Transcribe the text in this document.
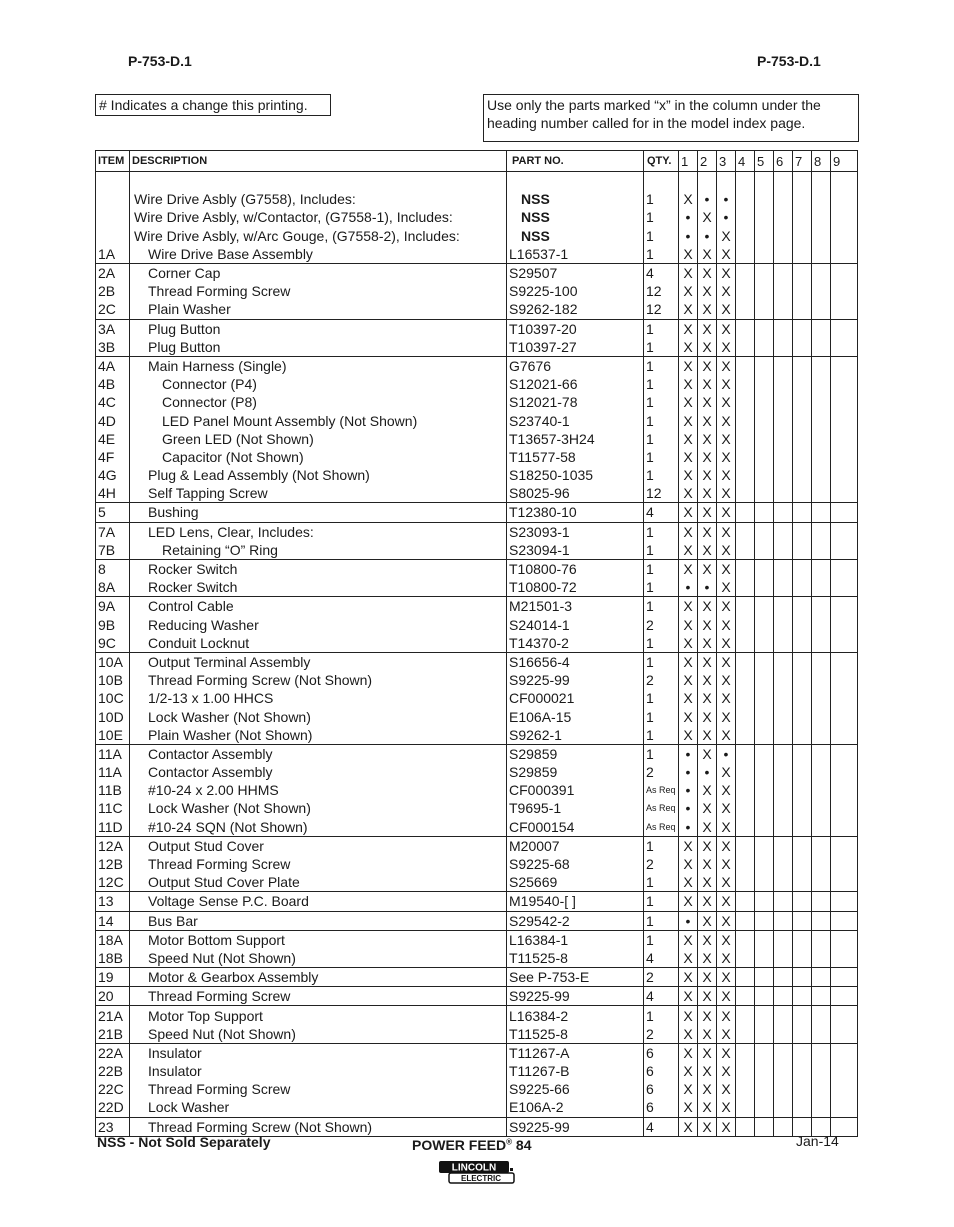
P-753-D.1	P-753-D.1
# Indicates a change this printing.	Use only the parts marked “x” in the column under the heading number called for in the model index page.
ITEM	DESCRIPTION	PART NO.	QTY.	1	2	3	4	5	6	7	8	9

	Wire Drive Asbly (G7558), Includes:	NSS	1	X	•	•						
	Wire Drive Asbly, w/Contactor, (G7558-1), Includes:	NSS	1	•	X	•						
	Wire Drive Asbly, w/Arc Gouge, (G7558-2), Includes:	NSS	1	•	•	X						
1A	Wire Drive Base Assembly	L16537-1	1	X	X	X						
2A	Corner Cap	S29507	4	X	X	X						
2B	Thread Forming Screw	S9225-100	12	X	X	X						
2C	Plain Washer	S9262-182	12	X	X	X						
3A	Plug Button	T10397-20	1	X	X	X						
3B	Plug Button	T10397-27	1	X	X	X						
4A	Main Harness (Single)	G7676	1	X	X	X						
4B	Connector (P4)	S12021-66	1	X	X	X						
4C	Connector (P8)	S12021-78	1	X	X	X						
4D	LED Panel Mount Assembly (Not Shown)	S23740-1	1	X	X	X						
4E	Green LED (Not Shown)	T13657-3H24	1	X	X	X						
4F	Capacitor (Not Shown)	T11577-58	1	X	X	X						
4G	Plug & Lead Assembly (Not Shown)	S18250-1035	1	X	X	X						
4H	Self Tapping Screw	S8025-96	12	X	X	X						
5	Bushing	T12380-10	4	X	X	X						
7A	LED Lens, Clear, Includes:	S23093-1	1	X	X	X						
7B	Retaining “O” Ring	S23094-1	1	X	X	X						
8	Rocker Switch	T10800-76	1	X	X	X						
8A	Rocker Switch	T10800-72	1	•	•	X						
9A	Control Cable	M21501-3	1	X	X	X						
9B	Reducing Washer	S24014-1	2	X	X	X						
9C	Conduit Locknut	T14370-2	1	X	X	X						
10A	Output Terminal Assembly	S16656-4	1	X	X	X						
10B	Thread Forming Screw (Not Shown)	S9225-99	2	X	X	X						
10C	1/2-13 x 1.00 HHCS	CF000021	1	X	X	X						
10D	Lock Washer (Not Shown)	E106A-15	1	X	X	X						
10E	Plain Washer (Not Shown)	S9262-1	1	X	X	X						
11A	Contactor Assembly	S29859	1	•	X	•						
11A	Contactor Assembly	S29859	2	•	•	X						
11B	#10-24 x 2.00 HHMS	CF000391	As Req	•	X	X						
11C	Lock Washer (Not Shown)	T9695-1	As Req	•	X	X						
11D	#10-24 SQN (Not Shown)	CF000154	As Req	•	X	X						
12A	Output Stud Cover	M20007	1	X	X	X						
12B	Thread Forming Screw	S9225-68	2	X	X	X						
12C	Output Stud Cover Plate	S25669	1	X	X	X						
13	Voltage Sense P.C. Board	M19540-[ ]	1	X	X	X						
14	Bus Bar	S29542-2	1	•	X	X						
18A	Motor Bottom Support	L16384-1	1	X	X	X						
18B	Speed Nut (Not Shown)	T11525-8	4	X	X	X						
19	Motor & Gearbox Assembly	See P-753-E	2	X	X	X						
20	Thread Forming Screw	S9225-99	4	X	X	X						
21A	Motor Top Support	L16384-2	1	X	X	X						
21B	Speed Nut (Not Shown)	T11525-8	2	X	X	X						
22A	Insulator	T11267-A	6	X	X	X						
22B	Insulator	T11267-B	6	X	X	X						
22C	Thread Forming Screw	S9225-66	6	X	X	X						
22D	Lock Washer	E106A-2	6	X	X	X						
23	Thread Forming Screw (Not Shown)	S9225-99	4	X	X	X						
NSS - Not Sold Separately	POWER FEED® 84	Jan-14
LINCOLN
ELECTRIC
